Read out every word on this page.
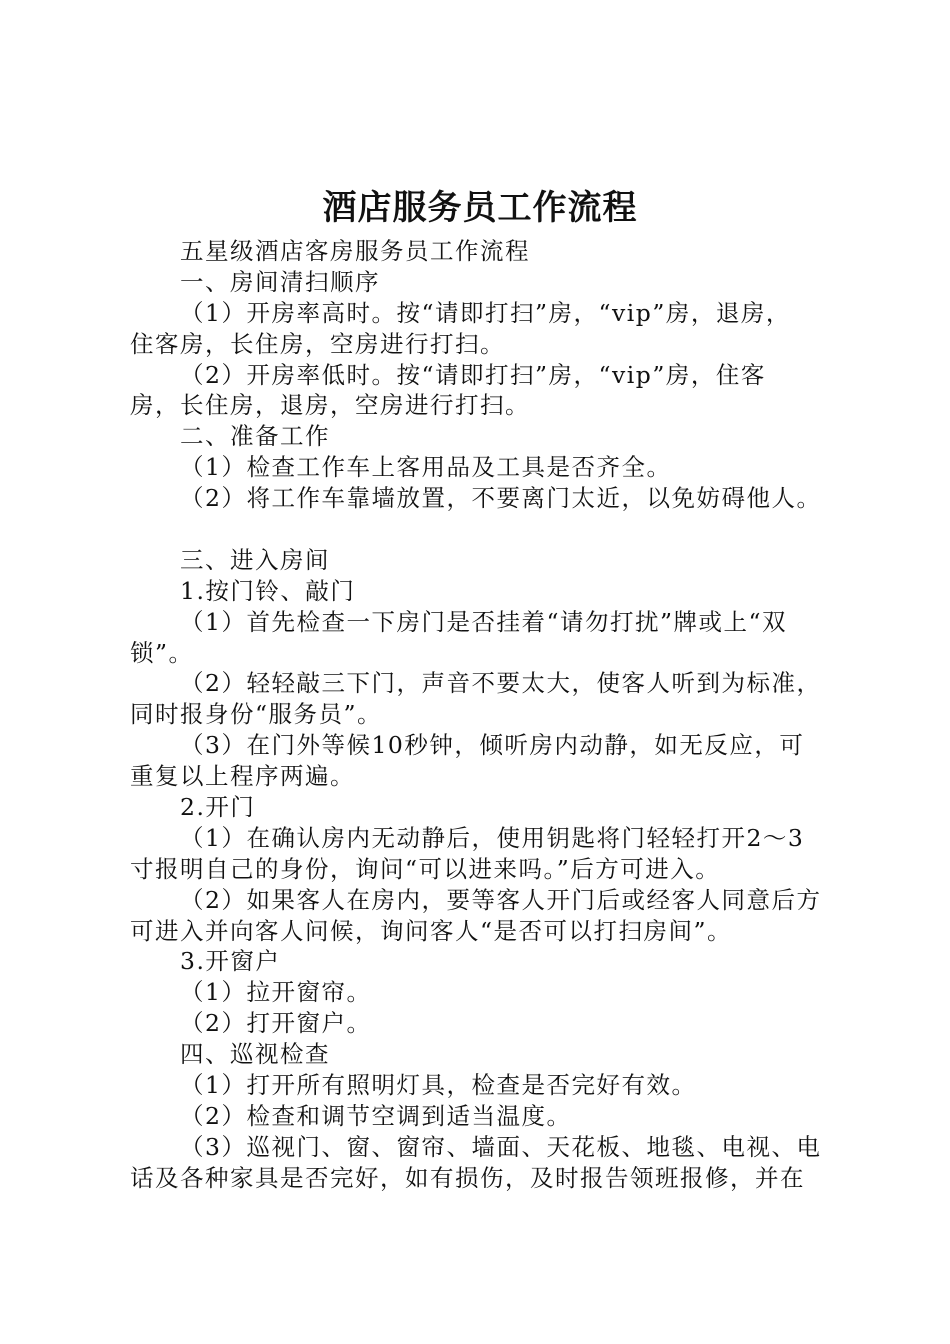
酒店服务员工作流程
五星级酒店客房服务员工作流程
一、房间清扫顺序
（1）开房率高时。按“请即打扫”房，“vip”房，退房，
住客房，长住房，空房进行打扫。
（2）开房率低时。按“请即打扫”房，“vip”房，住客
房，长住房，退房，空房进行打扫。
二、准备工作
（1）检查工作车上客用品及工具是否齐全。
（2）将工作车靠墙放置，不要离门太近，以免妨碍他人。
三、进入房间
1.按门铃、敲门
（1）首先检查一下房门是否挂着“请勿打扰”牌或上“双
锁”。
（2）轻轻敲三下门，声音不要太大，使客人听到为标准，
同时报身份“服务员”。
（3）在门外等候10秒钟，倾听房内动静，如无反应，可
重复以上程序两遍。
2.开门
（1）在确认房内无动静后，使用钥匙将门轻轻打开2～3
寸报明自己的身份，询问“可以进来吗。”后方可进入。
（2）如果客人在房内，要等客人开门后或经客人同意后方
可进入并向客人问候，询问客人“是否可以打扫房间”。
3.开窗户
（1）拉开窗帘。
（2）打开窗户。
四、巡视检查
（1）打开所有照明灯具，检查是否完好有效。
（2）检查和调节空调到适当温度。
（3）巡视门、窗、窗帘、墙面、天花板、地毯、电视、电
话及各种家具是否完好，如有损伤，及时报告领班报修，并在
